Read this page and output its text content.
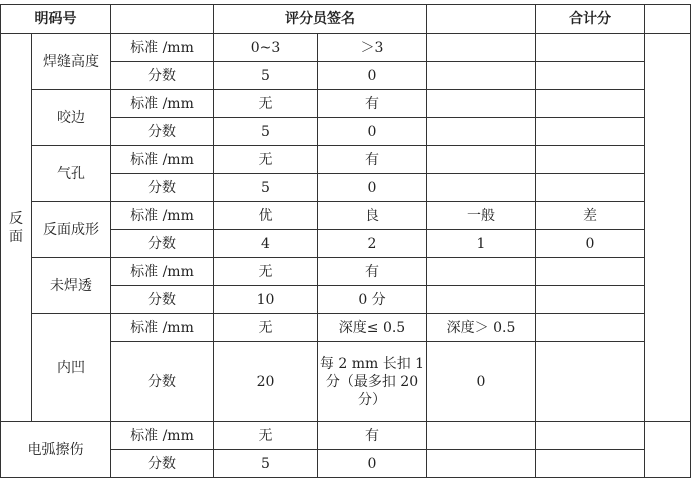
明码号			评分员签名			合计分	
反
面	焊缝高度	标准 /mm	0~3	＞3			
		分数	5	0			
	咬边	标准 /mm	无	有			
		分数	5	0			
	气孔	标准 /mm	无	有			
		分数	5	0			
	反面成形	标准 /mm	优	良	一般	差	
		分数	4	2	1	0	
	未焊透	标准 /mm	无	有			
		分数	10	0 分			
	内凹	标准 /mm	无	深度≤ 0.5	深度＞ 0.5		
		分数	20	每 2 mm 长扣 1 分（最多扣 20 分）	0		
电弧擦伤		标准 /mm	无	有			
		分数	5	0			
